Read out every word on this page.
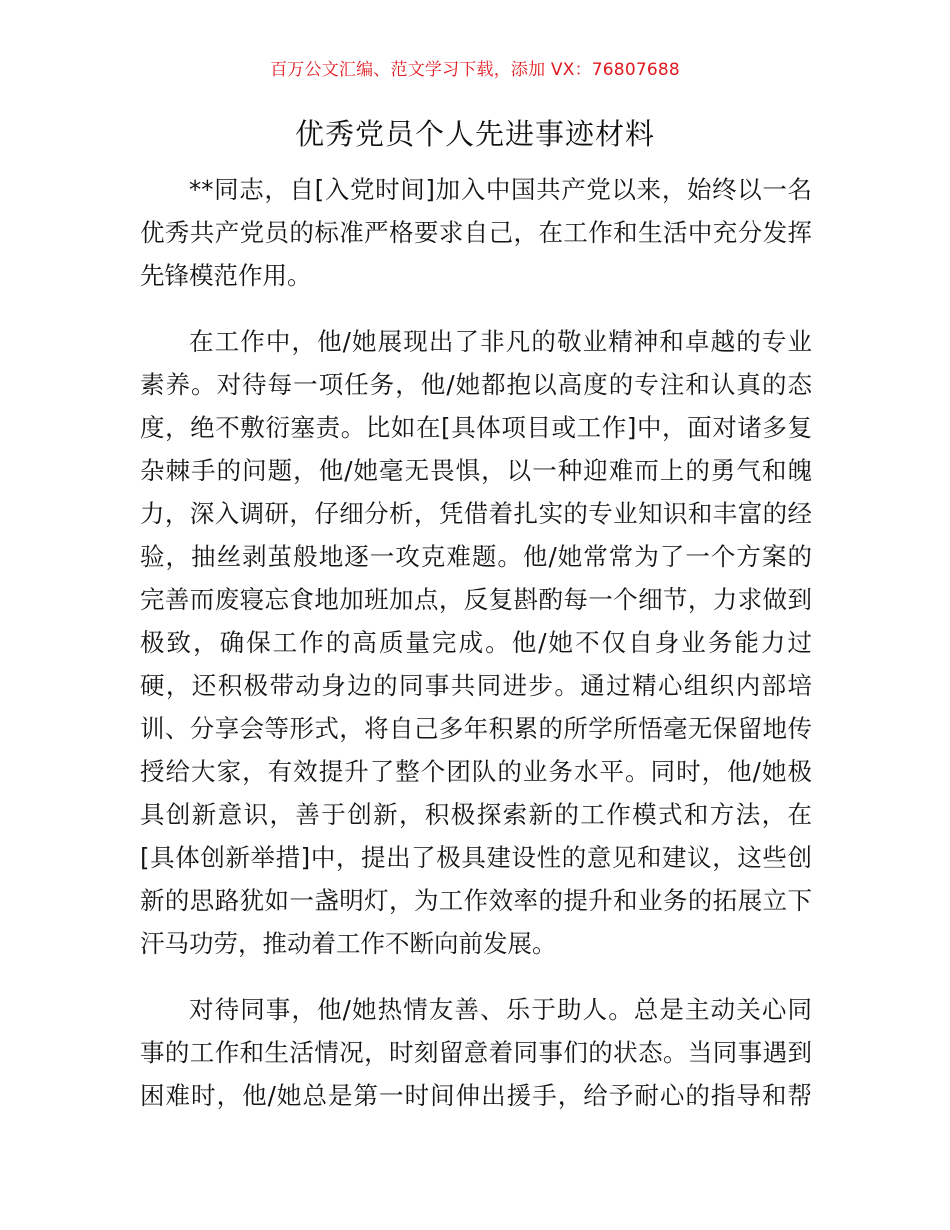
百万公文汇编、范文学习下载，添加 VX：76807688
优秀党员个人先进事迹材料
**同志，自[入党时间]加入中国共产党以来，始终以一名
优秀共产党员的标准严格要求自己，在工作和生活中充分发挥
先锋模范作用。
在工作中，他/她展现出了非凡的敬业精神和卓越的专业
素养。对待每一项任务，他/她都抱以高度的专注和认真的态
度，绝不敷衍塞责。比如在[具体项目或工作]中，面对诸多复
杂棘手的问题，他/她毫无畏惧，以一种迎难而上的勇气和魄
力，深入调研，仔细分析，凭借着扎实的专业知识和丰富的经
验，抽丝剥茧般地逐一攻克难题。他/她常常为了一个方案的
完善而废寝忘食地加班加点，反复斟酌每一个细节，力求做到
极致，确保工作的高质量完成。他/她不仅自身业务能力过
硬，还积极带动身边的同事共同进步。通过精心组织内部培
训、分享会等形式，将自己多年积累的所学所悟毫无保留地传
授给大家，有效提升了整个团队的业务水平。同时，他/她极
具创新意识，善于创新，积极探索新的工作模式和方法，在
[具体创新举措]中，提出了极具建设性的意见和建议，这些创
新的思路犹如一盏明灯，为工作效率的提升和业务的拓展立下
汗马功劳，推动着工作不断向前发展。
对待同事，他/她热情友善、乐于助人。总是主动关心同
事的工作和生活情况，时刻留意着同事们的状态。当同事遇到
困难时，他/她总是第一时间伸出援手，给予耐心的指导和帮
